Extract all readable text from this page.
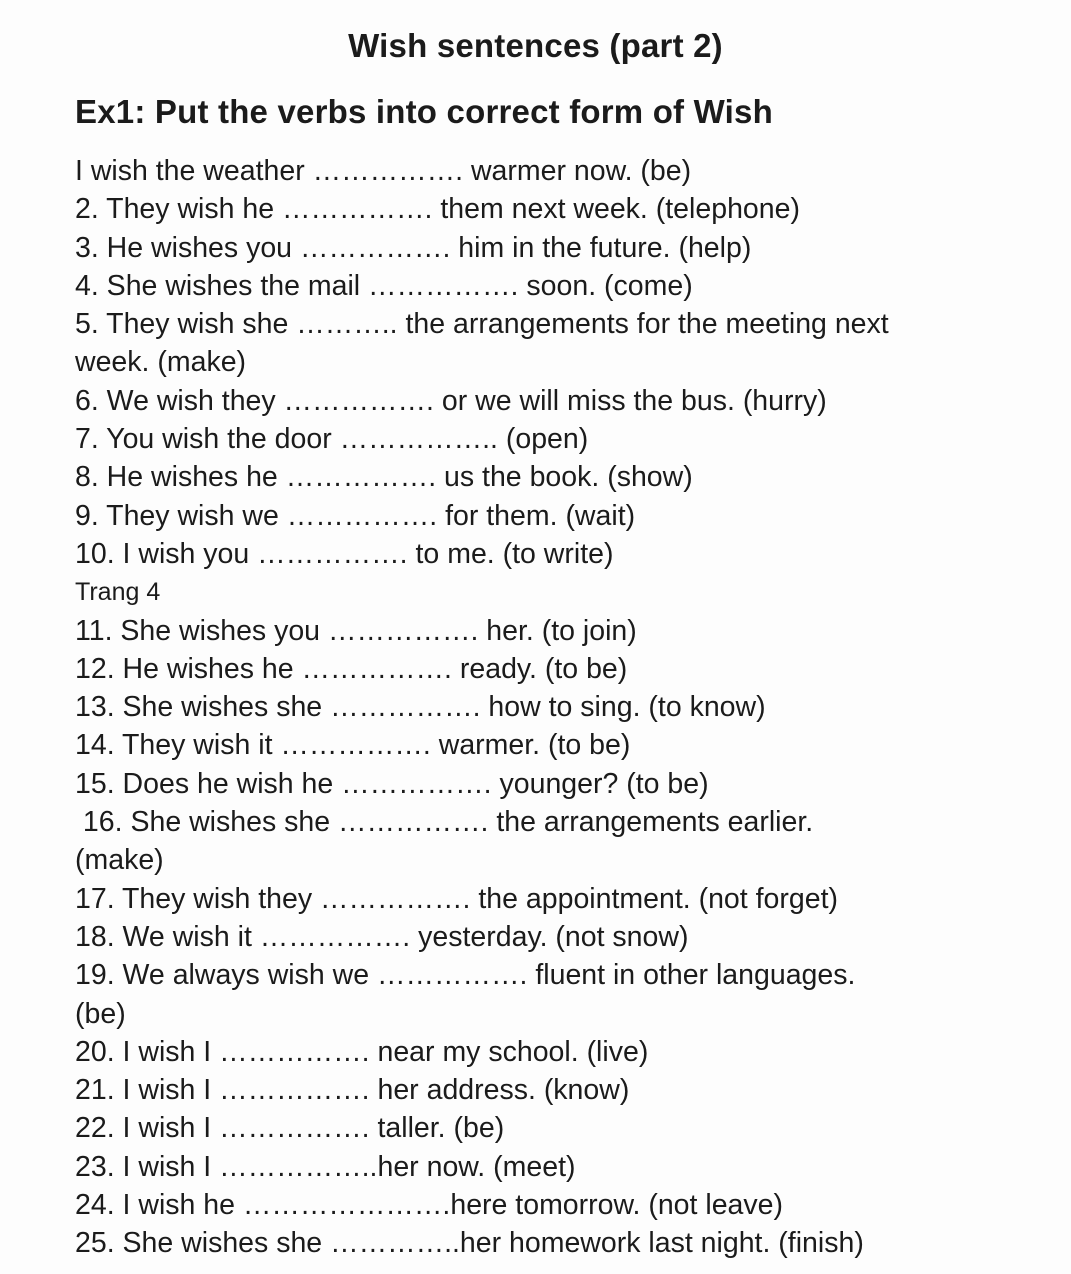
Wish sentences (part 2)
Ex1: Put the verbs into correct form of Wish
I wish the weather ……………. warmer now. (be)
2. They wish he ……………. them next week. (telephone)
3. He wishes you ……………. him in the future. (help)
4. She wishes the mail ……………. soon. (come)
5. They wish she ……….. the arrangements for the meeting next
week. (make)
6. We wish they ……………. or we will miss the bus. (hurry)
7. You wish the door …………….. (open)
8. He wishes he ……………. us the book. (show)
9. They wish we ……………. for them. (wait)
10. I wish you ……………. to me. (to write)
Trang 4
11. She wishes you ……………. her. (to join)
12. He wishes he ……………. ready. (to be)
13. She wishes she ……………. how to sing. (to know)
14. They wish it ……………. warmer. (to be)
15. Does he wish he ……………. younger? (to be)
16. She wishes she ……………. the arrangements earlier.
(make)
17. They wish they ……………. the appointment. (not forget)
18. We wish it ……………. yesterday. (not snow)
19. We always wish we ……………. fluent in other languages.
(be)
20. I wish I ……………. near my school. (live)
21. I wish I ……………. her address. (know)
22. I wish I ……………. taller. (be)
23. I wish I ……………..her now. (meet)
24. I wish he ………………….here tomorrow. (not leave)
25. She wishes she …………..her homework last night. (finish)
